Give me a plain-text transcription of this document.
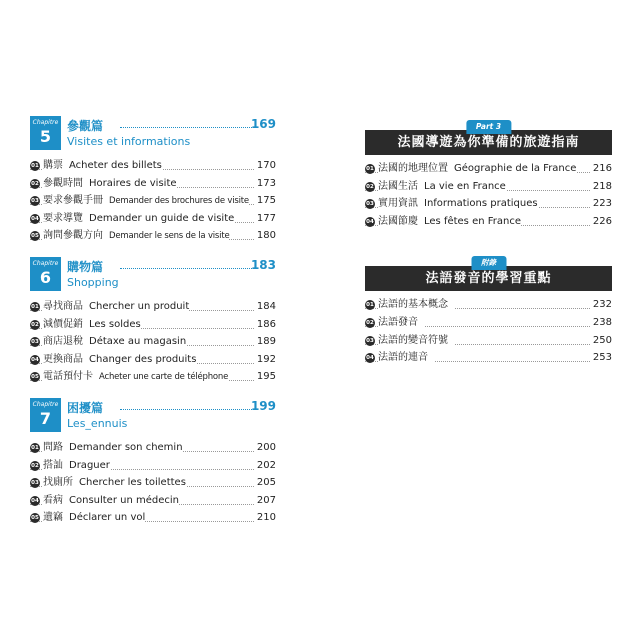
Chapitre
5
參觀篇
Visites et informations
169
01 購票 Acheter des billets	170
02 參觀時間 Horaires de visite	173
03 要求參觀手冊 Demander des brochures de visite 175
04 要求導覽 Demander un guide de visite 177
05 詢問參觀方向 Demander le sens de la visite	180
Chapitre
6
購物篇
Shopping
183
01 尋找商品 Chercher un produit	184
02 減價促銷 Les soldes	186
03 商店退稅 Détaxe au magasin	189
04 更換商品 Changer des produits	192
05 電話預付卡 Acheter une carte de téléphone	195
Chapitre
7
困擾篇
Les_ennuis
199
01 問路 Demander son chemin	200
02 搭訕 Draguer	202
03 找廁所 Chercher les toilettes	205
04 看病 Consulter un médecin	207
05 遺竊 Déclarer un vol	210
Part 3
法國導遊為你準備的旅遊指南
01 法國的地理位置 Géographie de la France 216
02 法國生活 La vie en France	218
03 實用資訊 Informations pratiques	223
04 法國節慶 Les fêtes en France	226
附錄
法語發音的學習重點
01 法語的基本概念	232
02 法語發音	238
03 法語的變音符號	250
04 法語的連音	253
